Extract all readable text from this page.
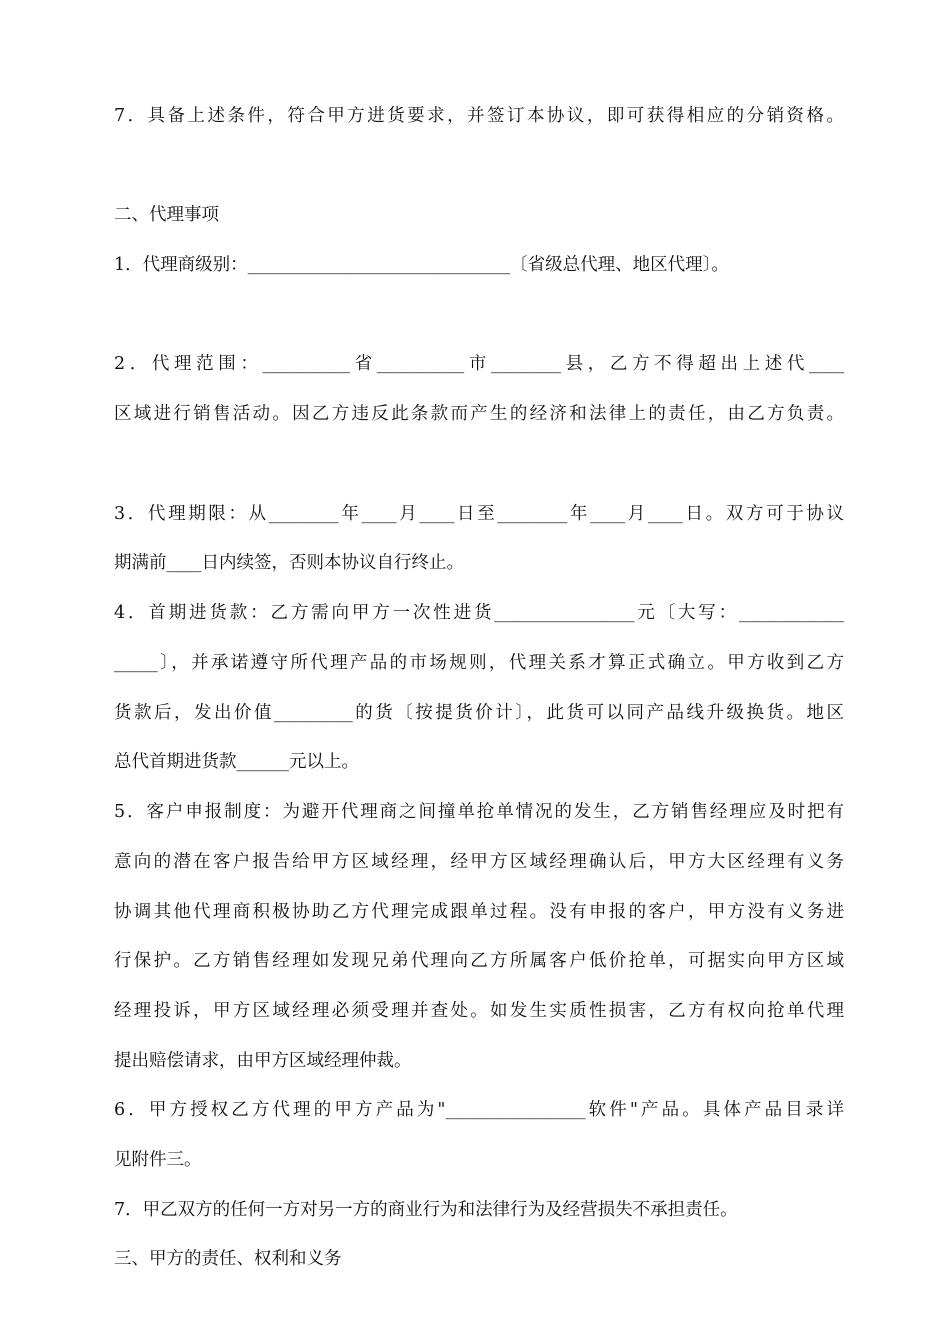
7．具备上述条件，符合甲方进货要求，并签订本协议，即可获得相应的分销资格。
二、代理事项
1．代理商级别：______________________________〔省级总代理、地区代理〕。
2．代理范围：__________省__________市________县，乙方不得超出上述代____
区域进行销售活动。因乙方违反此条款而产生的经济和法律上的责任，由乙方负责。
3．代理期限：从________年____月____日至________年____月____日。双方可于协议
期满前____日内续签，否则本协议自行终止。
4．首期进货款：乙方需向甲方一次性进货________________元〔大写：____________
_____〕，并承诺遵守所代理产品的市场规则，代理关系才算正式确立。甲方收到乙方
货款后，发出价值_________的货〔按提货价计〕，此货可以同产品线升级换货。地区
总代首期进货款______元以上。
5．客户申报制度：为避开代理商之间撞单抢单情况的发生，乙方销售经理应及时把有
意向的潜在客户报告给甲方区域经理，经甲方区域经理确认后，甲方大区经理有义务
协调其他代理商积极协助乙方代理完成跟单过程。没有申报的客户，甲方没有义务进
行保护。乙方销售经理如发现兄弟代理向乙方所属客户低价抢单，可据实向甲方区域
经理投诉，甲方区域经理必须受理并查处。如发生实质性损害，乙方有权向抢单代理
提出赔偿请求，由甲方区域经理仲裁。
6．甲方授权乙方代理的甲方产品为"________________软件"产品。具体产品目录详
见附件三。
7．甲乙双方的任何一方对另一方的商业行为和法律行为及经营损失不承担责任。
三、甲方的责任、权利和义务
